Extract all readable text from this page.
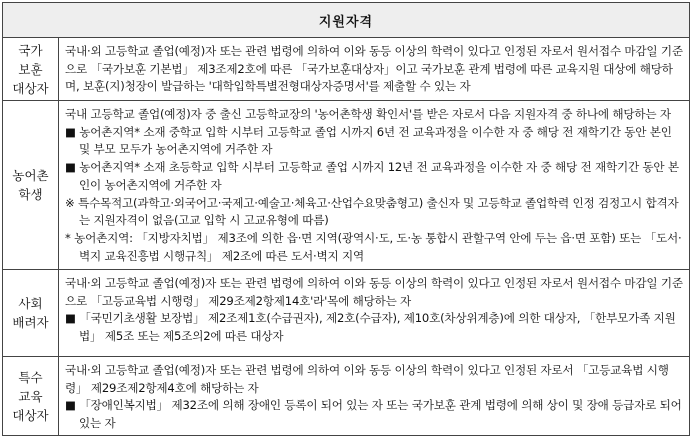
지원자격
국가
보훈
대상자

국내·외 고등학교 졸업(예정)자 또는 관련 법령에 의하여 이와 동등 이상의 학력이 있다고 인정된 자로서 원서접수 마감일 기준으로 「국가보훈 기본법」 제3조제2호에 따른 「국가보훈대상자」이고 국가보훈 관계 법령에 따른 교육지원 대상에 해당하며, 보훈(지)청장이 발급하는 '대학입학특별전형대상자증명서'를 제출할 수 있는 자

농어촌
학생

국내 고등학교 졸업(예정)자 중 출신 고등학교장의 '농어촌학생 확인서'를 받은 자로서 다음 지원자격 중 하나에 해당하는 자

■ 농어촌지역* 소재 중학교 입학 시부터 고등학교 졸업 시까지 6년 전 교육과정을 이수한 자 중 해당 전 재학기간 동안 본인 및 부모 모두가 농어촌지역에 거주한 자

■ 농어촌지역* 소재 초등학교 입학 시부터 고등학교 졸업 시까지 12년 전 교육과정을 이수한 자 중 해당 전 재학기간 동안 본인이 농어촌지역에 거주한 자

※ 특수목적고(과학고·외국어고·국제고·예술고·체육고·산업수요맞춤형고) 출신자 및 고등학교 졸업학력 인정 검정고시 합격자는 지원자격이 없음(고교 입학 시 고교유형에 따름)

* 농어촌지역: 「지방자치법」 제3조에 의한 읍·면 지역(광역시·도, 도·농 통합시 관할구역 안에 두는 읍·면 포함) 또는 「도서·벽지 교육진흥법 시행규칙」 제2조에 따른 도서·벽지 지역

사회
배려자

국내·외 고등학교 졸업(예정)자 또는 관련 법령에 의하여 이와 동등 이상의 학력이 있다고 인정된 자로서 원서접수 마감일 기준으로 「고등교육법 시행령」 제29조제2항제14호'라'목에 해당하는 자

■ 「국민기초생활 보장법」 제2조제1호(수급권자), 제2호(수급자), 제10호(차상위계층)에 의한 대상자, 「한부모가족 지원법」 제5조 또는 제5조의2에 따른 대상자

특수
교육
대상자

국내·외 고등학교 졸업(예정)자 또는 관련 법령에 의하여 이와 동등 이상의 학력이 있다고 인정된 자로서 「고등교육법 시행령」 제29조제2항제4호에 해당하는 자

■ 「장애인복지법」 제32조에 의해 장애인 등록이 되어 있는 자 또는 국가보훈 관계 법령에 의해 상이 및 장애 등급자로 되어 있는 자
